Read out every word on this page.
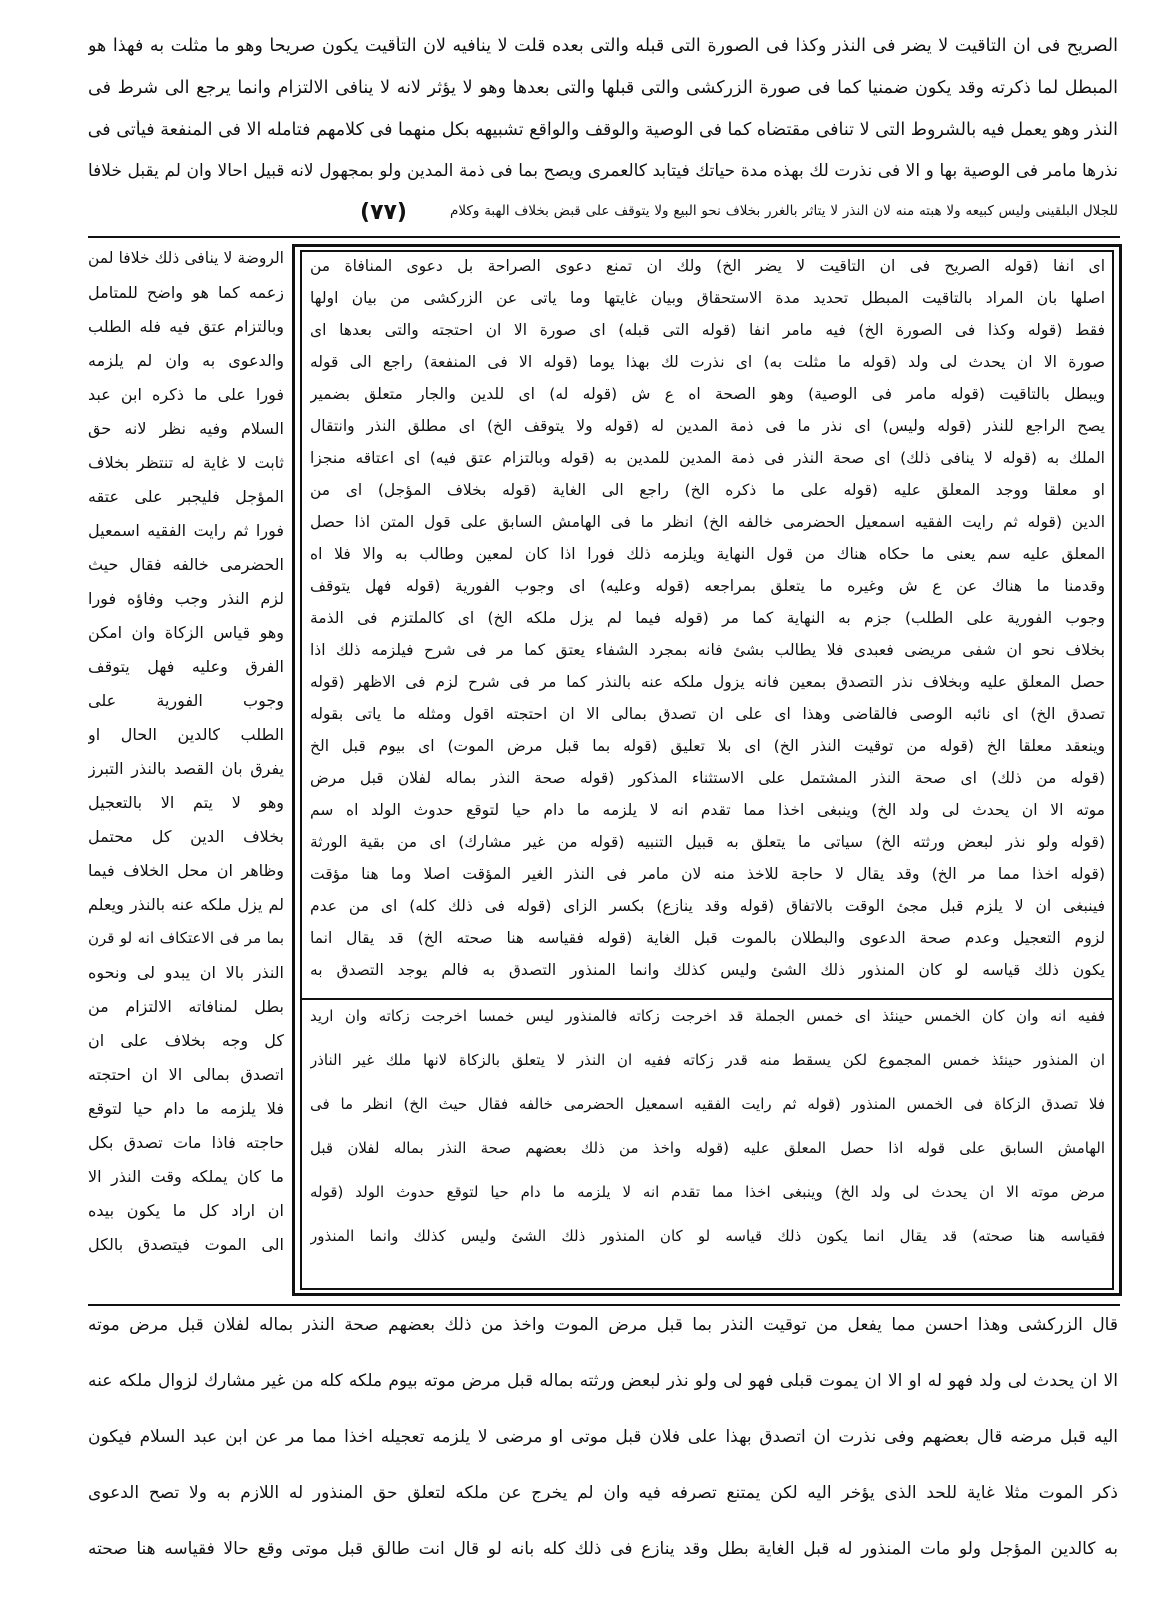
الصريح فى ان التاقيت لا يضر فى النذر وكذا فى الصورة التى قبله والتى بعده قلت لا ينافيه لان التأقيت يكون صريحا وهو ما مثلت به فهذا هو
المبطل لما ذكرته وقد يكون ضمنيا كما فى صورة الزركشى والتى قبلها والتى بعدها وهو لا يؤثر لانه لا ينافى الالتزام وانما يرجع الى شرط فى
النذر وهو يعمل فيه بالشروط التى لا تنافى مقتضاه كما فى الوصية والوقف والواقع تشبيهه بكل منهما فى كلامهم فتامله الا فى المنفعة فيأتى فى
نذرها مامر فى الوصية بها و الا فى نذرت لك بهذه مدة حياتك فيتابد كالعمرى ويصح بما فى ذمة المدين ولو بمجهول لانه قبيل احالا وان لم يقبل خلافا
للجلال البلقينى وليس كبيعه ولا هبته منه لان النذر لا يتأثر بالغرر بخلاف نحو البيع ولا يتوقف على قبض بخلاف الهبة وكلام
(٧٧)
اى آنفا (قوله الصريح فى ان التأقيت لا يضر الخ) ولك ان تمنع دعوى الصراحة بل دعوى المنافاة من
اصلها بان المراد بالتاقيت المبطل تحديد مدة الاستحقاق وبيان غايتها وما ياتى عن الزركشى من بيان اولها
فقط (قوله وكذا فى الصورة الخ) فيه مامر انفا (قوله التى قبله) اى صورة الا ان احتجته والتى بعدها اى
صورة الا ان يحدث لى ولد (قوله ما مثلت به) اى نذرت لك بهذا يوما (قوله الا فى المنفعة) راجع الى قوله
ويبطل بالتاقيت (قوله مامر فى الوصية) وهو الصحة اه ع ش (قوله له) اى للدين والجار متعلق بضمير
يصح الراجع للنذر (قوله وليس) اى نذر ما فى ذمة المدين له (قوله ولا يتوقف الخ) اى مطلق النذر وانتقال
الملك به (قوله لا ينافى ذلك) اى صحة النذر فى ذمة المدين للمدين به (قوله وبالتزام عتق فيه) اى اعتاقه منجزا
او معلقا ووجد المعلق عليه (قوله على ما ذكره الخ) راجع الى الغاية (قوله بخلاف المؤجل) اى من
الدين (قوله ثم رايت الفقيه اسمعيل الحضرمى خالفه الخ) انظر ما فى الهامش السابق على قول المتن اذا حصل
المعلق عليه سم يعنى ما حكاه هناك من قول النهاية ويلزمه ذلك فورا اذا كان لمعين وطالب به والا فلا اه
وقدمنا ما هناك عن ع ش وغيره ما يتعلق بمراجعه (قوله وعليه) اى وجوب الفورية (قوله فهل يتوقف
وجوب الفورية على الطلب) جزم به النهاية كما مر (قوله فيما لم يزل ملكه الخ) اى كالملتزم فى الذمة
بخلاف نحو ان شفى مريضى فعبدى فلا يطالب بشئ فانه بمجرد الشفاء يعتق كما مر فى شرح فيلزمه ذلك اذا
حصل المعلق عليه وبخلاف نذر التصدق بمعين فانه يزول ملكه عنه بالنذر كما مر فى شرح لزم فى الاظهر (قوله
تصدق الخ) اى نائبه الوصى فالقاضى وهذا اى على ان تصدق بمالى الا ان احتجته اقول ومثله ما ياتى بقوله
وينعقد معلقا الخ (قوله من توقيت النذر الخ) اى بلا تعليق (قوله بما قبل مرض الموت) اى بيوم قبل الخ
(قوله من ذلك) اى صحة النذر المشتمل على الاستثناء المذكور (قوله صحة النذر بماله لفلان قبل مرض
موته الا ان يحدث لى ولد الخ) وينبغى اخذا مما تقدم انه لا يلزمه ما دام حيا لتوقع حدوث الولد اه سم
(قوله ولو نذر لبعض ورثته الخ) سياتى ما يتعلق به قبيل التنبيه (قوله من غير مشارك) اى من بقية الورثة
(قوله اخذا مما مر الخ) وقد يقال لا حاجة للاخذ منه لان مامر فى النذر الغير المؤقت اصلا وما هنا مؤقت
فينبغى ان لا يلزم قبل مجئ الوقت بالاتفاق (قوله وقد ينازع) بكسر الزاى (قوله فى ذلك كله) اى من عدم
لزوم التعجيل وعدم صحة الدعوى والبطلان بالموت قبل الغاية (قوله فقياسه هنا صحته الخ) قد يقال انما
يكون ذلك قياسه لو كان المنذور ذلك الشئ وليس كذلك وانما المنذور التصدق به فالم يوجد التصدق به
ففيه انه وان كان الخمس حينئذ اى خمس الجملة قد اخرجت زكاته فالمنذور ليس خمسا اخرجت زكاته وان اريد
ان المنذور حينئذ خمس المجموع لكن يسقط منه قدر زكاته ففيه ان النذر لا يتعلق بالزكاة لانها ملك غير الناذر
فلا تصدق الزكاة فى الخمس المنذور (قوله ثم رايت الفقيه اسمعيل الحضرمى خالفه فقال حيث الخ) انظر ما فى
الهامش السابق على قوله اذا حصل المعلق عليه (قوله واخذ من ذلك بعضهم صحة النذر بماله لفلان قبل
مرض موته الا ان يحدث لى ولد الخ) وينبغى اخذا مما تقدم انه لا يلزمه ما دام حيا لتوقع حدوث الولد (قوله
فقياسه هنا صحته) قد يقال انما يكون ذلك قياسه لو كان المنذور ذلك الشئ وليس كذلك وانما المنذور
الروضة لا ينافى ذلك خلافا لمن
زعمه كما هو واضح للمتامل
وبالتزام عتق فيه فله الطلب
والدعوى به وان لم يلزمه
فورا على ما ذكره ابن عبد
السلام وفيه نظر لانه حق
ثابت لا غاية له تنتظر بخلاف
المؤجل فليجبر على عتقه
فورا ثم رايت الفقيه اسمعيل
الحضرمى خالفه فقال حيث
لزم النذر وجب وفاؤه فورا
وهو قياس الزكاة وان امكن
الفرق وعليه فهل يتوقف
وجوب الفورية على
الطلب كالدين الحال او
يفرق بان القصد بالنذر التبرز
وهو لا يتم الا بالتعجيل
بخلاف الدين كل محتمل
وظاهر ان محل الخلاف فيما
لم يزل ملكه عنه بالنذر ويعلم
بما مر فى الاعتكاف انه لو قرن
النذر بالا ان يبدو لى ونحوه
بطل لمنافاته الالتزام من
كل وجه بخلاف على ان
اتصدق بمالى الا ان احتجته
فلا يلزمه ما دام حيا لتوقع
حاجته فاذا مات تصدق بكل
ما كان يملكه وقت النذر الا
ان اراد كل ما يكون بيده
الى الموت فيتصدق بالكل
قال الزركشى وهذا احسن مما يفعل من توقيت النذر بما قبل مرض الموت واخذ من ذلك بعضهم صحة النذر بماله لفلان قبل مرض موته
الا ان يحدث لى ولد فهو له او الا ان يموت قبلى فهو لى ولو نذر لبعض ورثته بماله قبل مرض موته بيوم ملكه كله من غير مشارك لزوال ملكه عنه
اليه قبل مرضه قال بعضهم وفى نذرت ان اتصدق بهذا على فلان قبل موتى او مرضى لا يلزمه تعجيله اخذا مما مر عن ابن عبد السلام فيكون
ذكر الموت مثلا غاية للحد الذى يؤخر اليه لكن يمتنع تصرفه فيه وان لم يخرج عن ملكه لتعلق حق المنذور له اللازم به ولا تصح الدعوى
به كالدين المؤجل ولو مات المنذور له قبل الغاية بطل وقد ينازع فى ذلك كله بانه لو قال انت طالق قبل موتى وقع حالا فقياسه هنا صحته
